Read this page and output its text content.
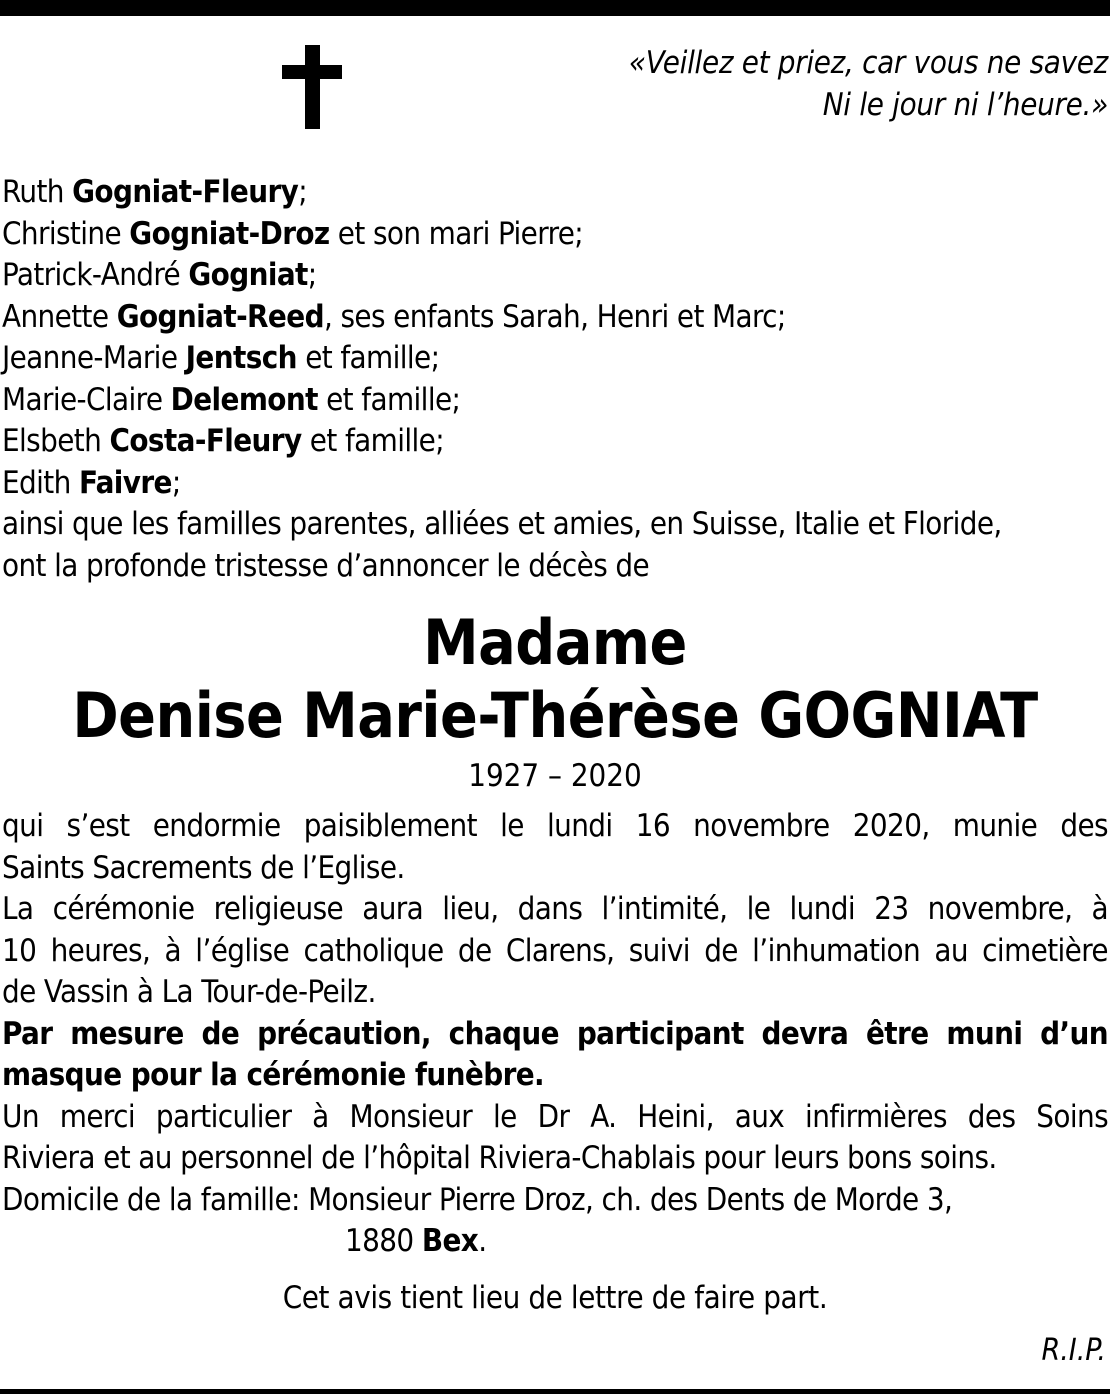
«Veillez et priez, car vous ne savez
Ni le jour ni l’heure.»
Ruth Gogniat-Fleury;
Christine Gogniat-Droz et son mari Pierre;
Patrick-André Gogniat;
Annette Gogniat-Reed, ses enfants Sarah, Henri et Marc;
Jeanne-Marie Jentsch et famille;
Marie-Claire Delemont et famille;
Elsbeth Costa-Fleury et famille;
Edith Faivre;
ainsi que les familles parentes, alliées et amies, en Suisse, Italie et Floride,
ont la profonde tristesse d’annoncer le décès de
Madame
Denise Marie-Thérèse GOGNIAT
1927 – 2020
qui s’est endormie paisiblement le lundi 16 novembre 2020, munie des
Saints Sacrements de l’Eglise.
La cérémonie religieuse aura lieu, dans l’intimité, le lundi 23 novembre, à
10 heures, à l’église catholique de Clarens, suivi de l’inhumation au cimetière
de Vassin à La Tour-de-Peilz.
Par mesure de précaution, chaque participant devra être muni d’un
masque pour la cérémonie funèbre.
Un merci particulier à Monsieur le Dr A. Heini, aux infirmières des Soins
Riviera et au personnel de l’hôpital Riviera-Chablais pour leurs bons soins.
Domicile de la famille: Monsieur Pierre Droz, ch. des Dents de Morde 3,
1880 Bex.
Cet avis tient lieu de lettre de faire part.
R.I.P.
